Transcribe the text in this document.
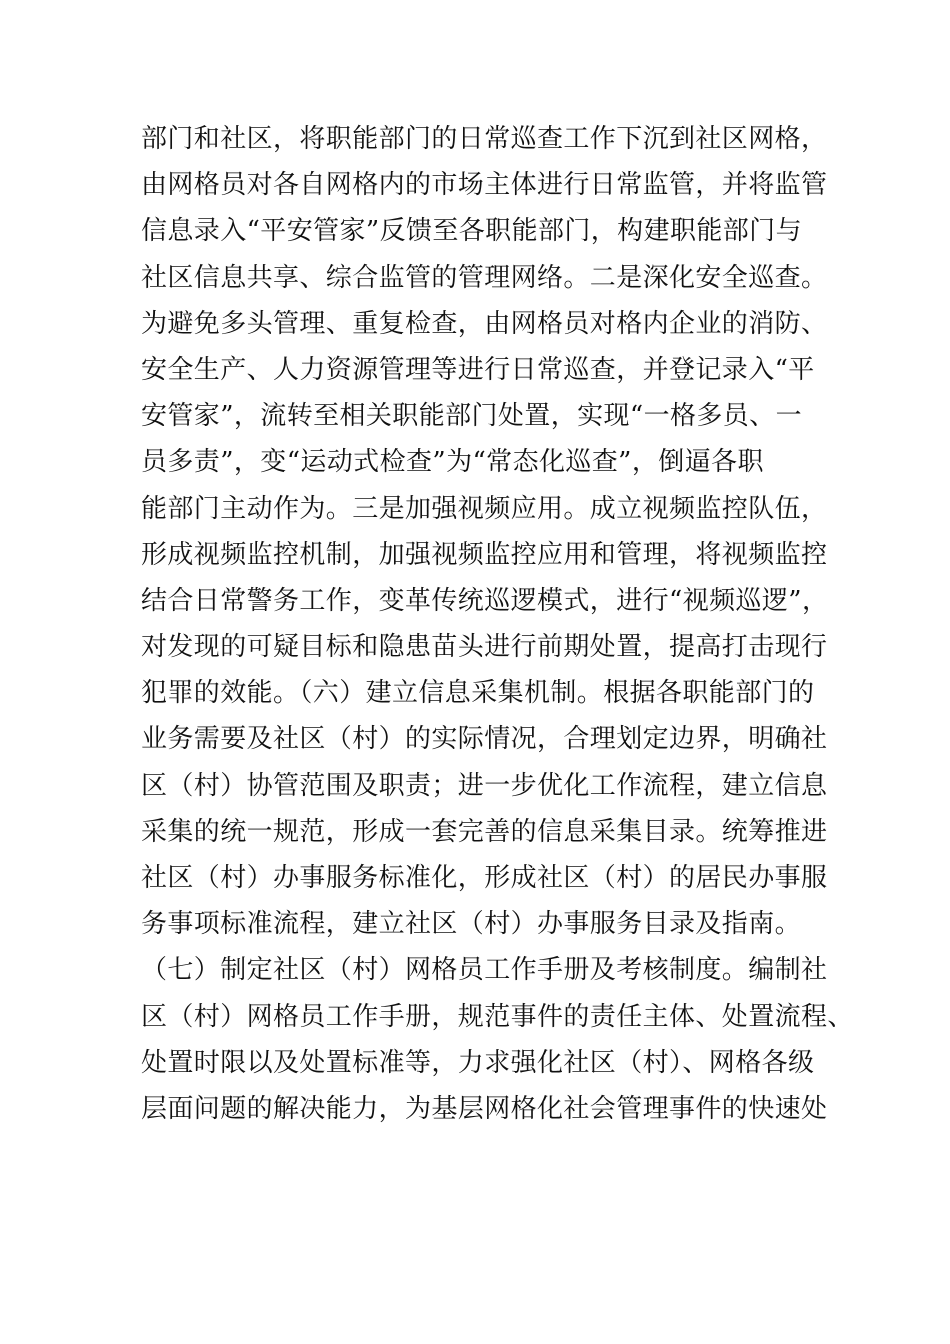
部门和社区，将职能部门的日常巡查工作下沉到社区网格，
由网格员对各自网格内的市场主体进行日常监管，并将监管
信息录入“平安管家”反馈至各职能部门，构建职能部门与
社区信息共享、综合监管的管理网络。二是深化安全巡查。
为避免多头管理、重复检查，由网格员对格内企业的消防、
安全生产、人力资源管理等进行日常巡查，并登记录入“平
安管家”，流转至相关职能部门处置，实现“一格多员、一
员多责”，变“运动式检查”为“常态化巡查”，倒逼各职
能部门主动作为。三是加强视频应用。成立视频监控队伍，
形成视频监控机制，加强视频监控应用和管理，将视频监控
结合日常警务工作，变革传统巡逻模式，进行“视频巡逻”，
对发现的可疑目标和隐患苗头进行前期处置，提高打击现行
犯罪的效能。（六）建立信息采集机制。根据各职能部门的
业务需要及社区（村）的实际情况，合理划定边界，明确社
区（村）协管范围及职责；进一步优化工作流程，建立信息
采集的统一规范，形成一套完善的信息采集目录。统筹推进
社区（村）办事服务标准化，形成社区（村）的居民办事服
务事项标准流程，建立社区（村）办事服务目录及指南。
（七）制定社区（村）网格员工作手册及考核制度。编制社
区（村）网格员工作手册，规范事件的责任主体、处置流程、
处置时限以及处置标准等，力求强化社区（村）、网格各级
层面问题的解决能力，为基层网格化社会管理事件的快速处
